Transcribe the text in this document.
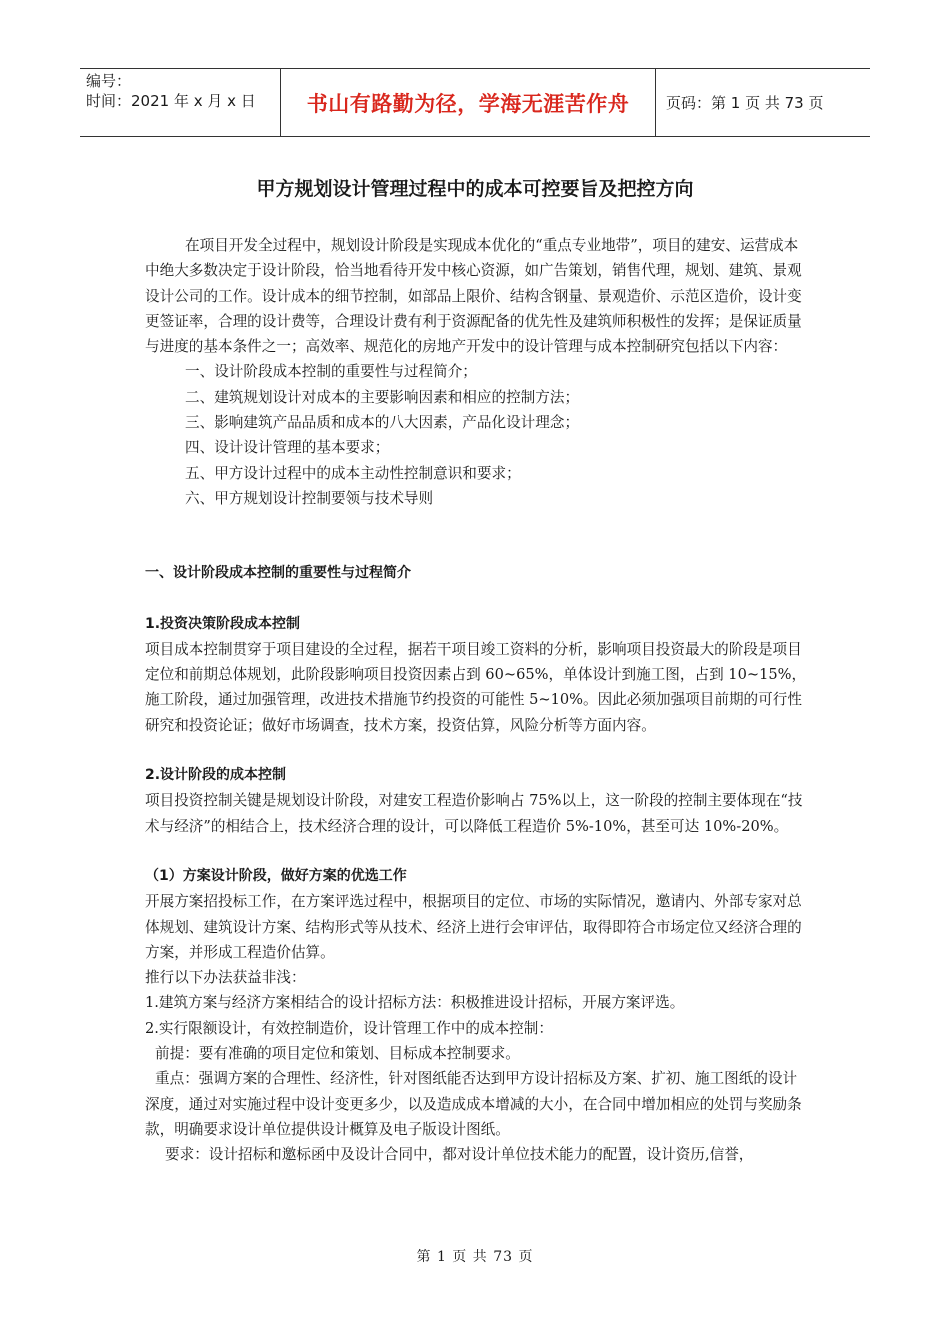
编号：
时间：2021 年 x 月 x 日	书山有路勤为径，学海无涯苦作舟	页码：第 1 页 共 73 页
甲方规划设计管理过程中的成本可控要旨及把控方向

在项目开发全过程中，规划设计阶段是实现成本优化的“重点专业地带”，项目的建安、运营成本中绝大多数决定于设计阶段，恰当地看待开发中核心资源，如广告策划，销售代理，规划、建筑、景观设计公司的工作。设计成本的细节控制，如部品上限价、结构含钢量、景观造价、示范区造价，设计变更签证率，合理的设计费等，合理设计费有利于资源配备的优先性及建筑师积极性的发挥；是保证质量与进度的基本条件之一；高效率、规范化的房地产开发中的设计管理与成本控制研究包括以下内容：

一、设计阶段成本控制的重要性与过程简介；

二、建筑规划设计对成本的主要影响因素和相应的控制方法；

三、影响建筑产品品质和成本的八大因素，产品化设计理念；

四、设计设计管理的基本要求；

五、甲方设计过程中的成本主动性控制意识和要求；

六、甲方规划设计控制要领与技术导则

一、设计阶段成本控制的重要性与过程简介

1.投资决策阶段成本控制

项目成本控制贯穿于项目建设的全过程，据若干项目竣工资料的分析，影响项目投资最大的阶段是项目定位和前期总体规划，此阶段影响项目投资因素占到 60~65%，单体设计到施工图，占到 10~15%，施工阶段，通过加强管理，改进技术措施节约投资的可能性 5~10%。因此必须加强项目前期的可行性研究和投资论证；做好市场调查，技术方案，投资估算，风险分析等方面内容。

2.设计阶段的成本控制

项目投资控制关键是规划设计阶段，对建安工程造价影响占 75%以上，这一阶段的控制主要体现在“技术与经济”的相结合上，技术经济合理的设计，可以降低工程造价 5%-10%，甚至可达 10%-20%。

（1）方案设计阶段，做好方案的优选工作

开展方案招投标工作，在方案评选过程中，根据项目的定位、市场的实际情况，邀请内、外部专家对总体规划、建筑设计方案、结构形式等从技术、经济上进行会审评估，取得即符合市场定位又经济合理的方案，并形成工程造价估算。

推行以下办法获益非浅：

1.建筑方案与经济方案相结合的设计招标方法：积极推进设计招标，开展方案评选。

2.实行限额设计，有效控制造价，设计管理工作中的成本控制：

前提：要有准确的项目定位和策划、目标成本控制要求。

重点：强调方案的合理性、经济性，针对图纸能否达到甲方设计招标及方案、扩初、施工图纸的设计深度，通过对实施过程中设计变更多少，以及造成成本增减的大小，在合同中增加相应的处罚与奖励条款，明确要求设计单位提供设计概算及电子版设计图纸。

要求：设计招标和邀标函中及设计合同中，都对设计单位技术能力的配置，设计资历,信誉，

第 1 页 共 73 页
